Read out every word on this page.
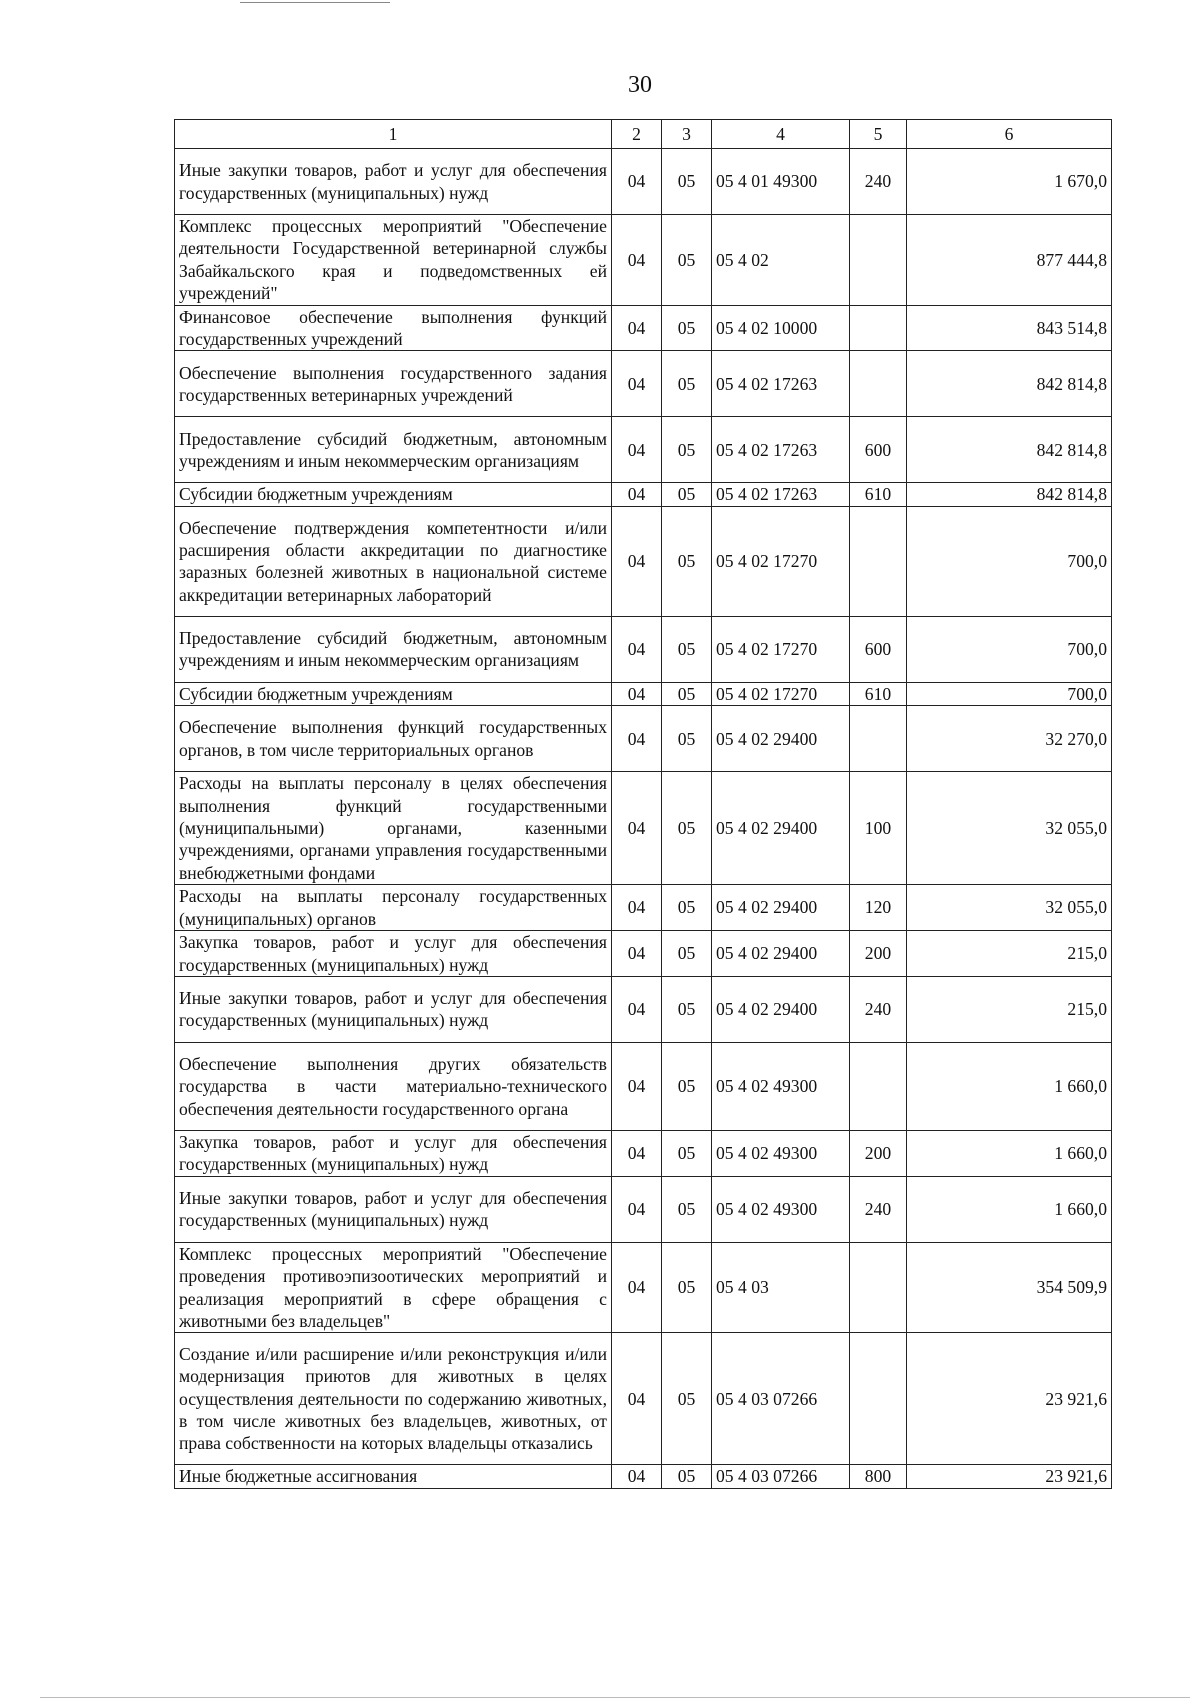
30
1	2	3	4	5	6
Иные закупки товаров, работ и услуг для обеспечения государственных (муниципальных) нужд	04	05	05 4 01 49300	240	1 670,0
Комплекс процессных мероприятий "Обеспечение деятельности Государственной ветеринарной службы Забайкальского края и подведомственных ей учреждений"	04	05	05 4 02		877 444,8
Финансовое обеспечение выполнения функций государственных учреждений	04	05	05 4 02 10000		843 514,8
Обеспечение выполнения государственного задания государственных ветеринарных учреждений	04	05	05 4 02 17263		842 814,8
Предоставление субсидий бюджетным, автономным учреждениям и иным некоммерческим организациям	04	05	05 4 02 17263	600	842 814,8
Субсидии бюджетным учреждениям	04	05	05 4 02 17263	610	842 814,8
Обеспечение подтверждения компетентности и/или расширения области аккредитации по диагностике заразных болезней животных в национальной системе аккредитации ветеринарных лабораторий	04	05	05 4 02 17270		700,0
Предоставление субсидий бюджетным, автономным учреждениям и иным некоммерческим организациям	04	05	05 4 02 17270	600	700,0
Субсидии бюджетным учреждениям	04	05	05 4 02 17270	610	700,0
Обеспечение выполнения функций государственных органов, в том числе территориальных органов	04	05	05 4 02 29400		32 270,0
Расходы на выплаты персоналу в целях обеспечения выполнения функций государственными (муниципальными) органами, казенными учреждениями, органами управления государственными внебюджетными фондами	04	05	05 4 02 29400	100	32 055,0
Расходы на выплаты персоналу государственных (муниципальных) органов	04	05	05 4 02 29400	120	32 055,0
Закупка товаров, работ и услуг для обеспечения государственных (муниципальных) нужд	04	05	05 4 02 29400	200	215,0
Иные закупки товаров, работ и услуг для обеспечения государственных (муниципальных) нужд	04	05	05 4 02 29400	240	215,0
Обеспечение выполнения других обязательств государства в части материально-технического обеспечения деятельности государственного органа	04	05	05 4 02 49300		1 660,0
Закупка товаров, работ и услуг для обеспечения государственных (муниципальных) нужд	04	05	05 4 02 49300	200	1 660,0
Иные закупки товаров, работ и услуг для обеспечения государственных (муниципальных) нужд	04	05	05 4 02 49300	240	1 660,0
Комплекс процессных мероприятий "Обеспечение проведения противоэпизоотических мероприятий и реализация мероприятий в сфере обращения с животными без владельцев"	04	05	05 4 03		354 509,9
Создание и/или расширение и/или реконструкция и/или модернизация приютов для животных в целях осуществления деятельности по содержанию животных, в том числе животных без владельцев, животных, от права собственности на которых владельцы отказались	04	05	05 4 03 07266		23 921,6
Иные бюджетные ассигнования	04	05	05 4 03 07266	800	23 921,6
